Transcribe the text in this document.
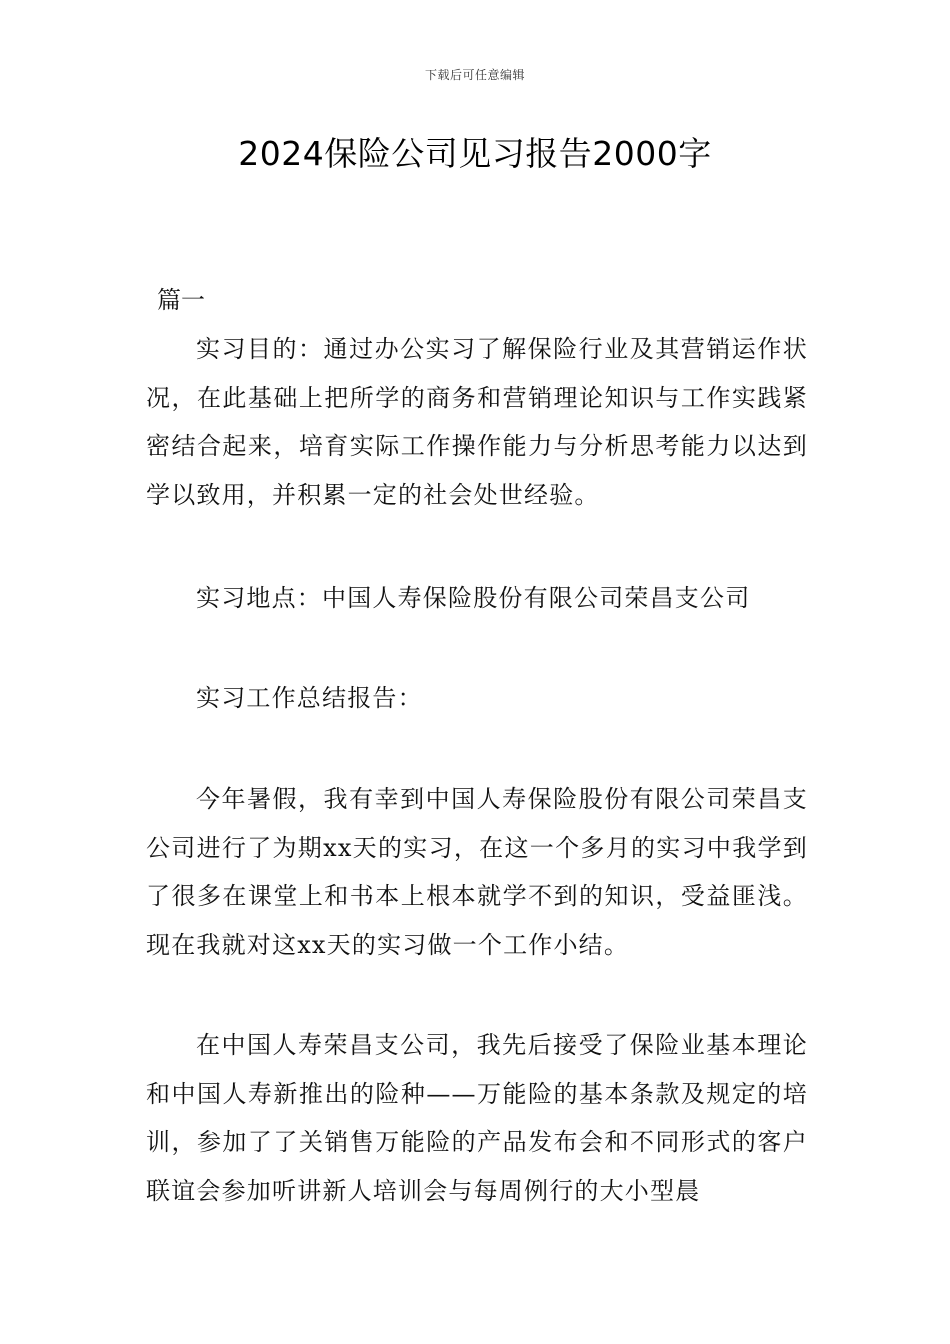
下载后可任意编辑
2024保险公司见习报告2000字

篇一

实习目的：通过办公实习了解保险行业及其营销运作状况，在此基础上把所学的商务和营销理论知识与工作实践紧密结合起来，培育实际工作操作能力与分析思考能力以达到学以致用，并积累一定的社会处世经验。

实习地点：中国人寿保险股份有限公司荣昌支公司

实习工作总结报告：

今年暑假，我有幸到中国人寿保险股份有限公司荣昌支公司进行了为期xx天的实习，在这一个多月的实习中我学到了很多在课堂上和书本上根本就学不到的知识，受益匪浅。现在我就对这xx天的实习做一个工作小结。

在中国人寿荣昌支公司，我先后接受了保险业基本理论和中国人寿新推出的险种——万能险的基本条款及规定的培训，参加了了关销售万能险的产品发布会和不同形式的客户联谊会参加听讲新人培训会与每周例行的大小型晨
